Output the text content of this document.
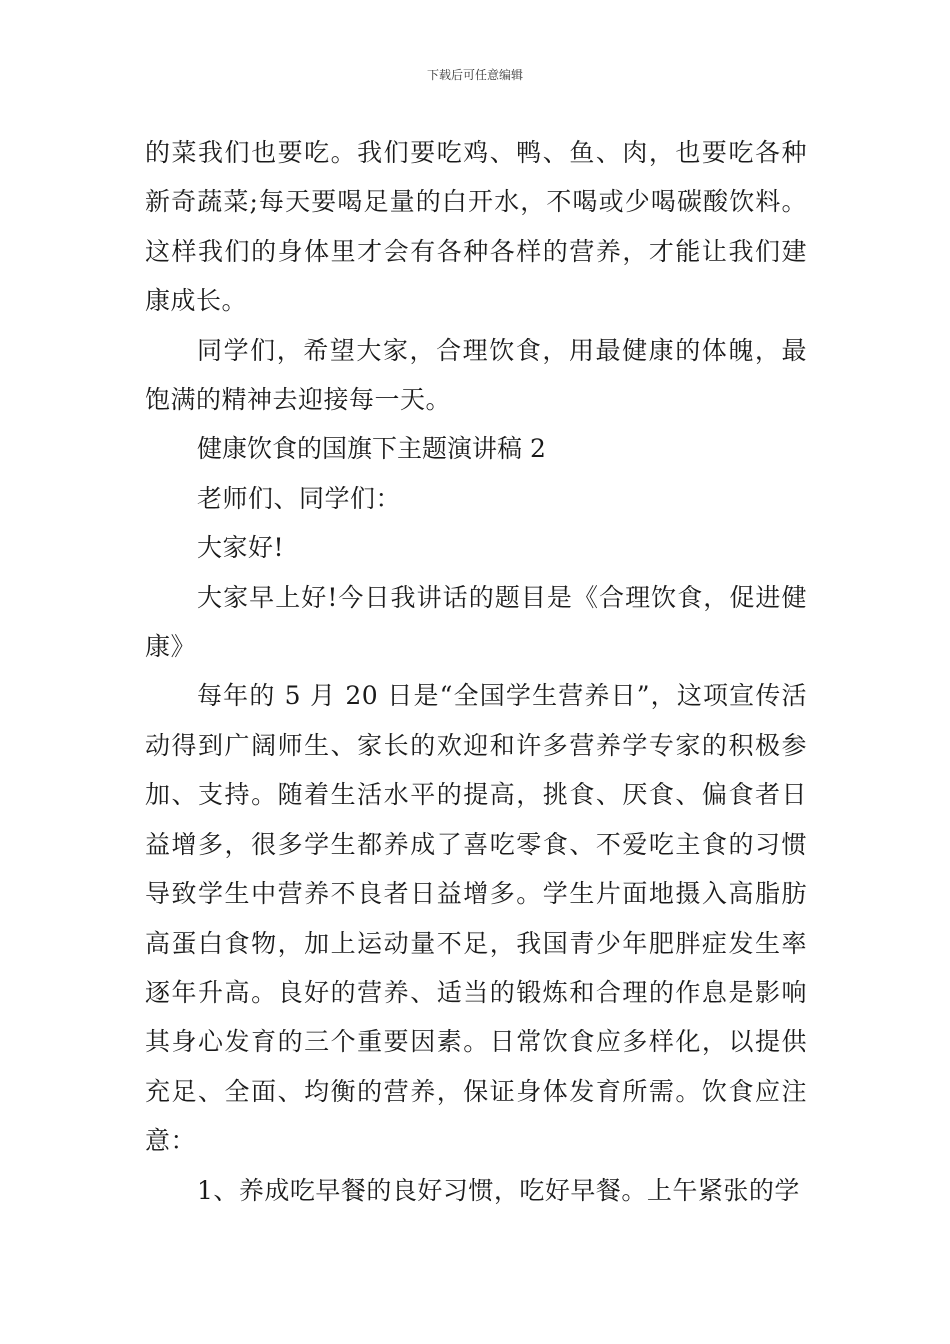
下载后可任意编辑

的菜我们也要吃。我们要吃鸡、鸭、鱼、肉，也要吃各种新奇蔬菜;每天要喝足量的白开水，不喝或少喝碳酸饮料。这样我们的身体里才会有各种各样的营养，才能让我们建康成长。

同学们，希望大家，合理饮食，用最健康的体魄，最饱满的精神去迎接每一天。

健康饮食的国旗下主题演讲稿 2

老师们、同学们：

大家好!

大家早上好!今日我讲话的题目是《合理饮食，促进健康》

每年的 5 月 20 日是“全国学生营养日”，这项宣传活动得到广阔师生、家长的欢迎和许多营养学专家的积极参加、支持。随着生活水平的提高，挑食、厌食、偏食者日益增多，很多学生都养成了喜吃零食、不爱吃主食的习惯导致学生中营养不良者日益增多。学生片面地摄入高脂肪高蛋白食物，加上运动量不足，我国青少年肥胖症发生率逐年升高。良好的营养、适当的锻炼和合理的作息是影响其身心发育的三个重要因素。日常饮食应多样化，以提供充足、全面、均衡的营养，保证身体发育所需。饮食应注意：

1、养成吃早餐的良好习惯，吃好早餐。上午紧张的学
